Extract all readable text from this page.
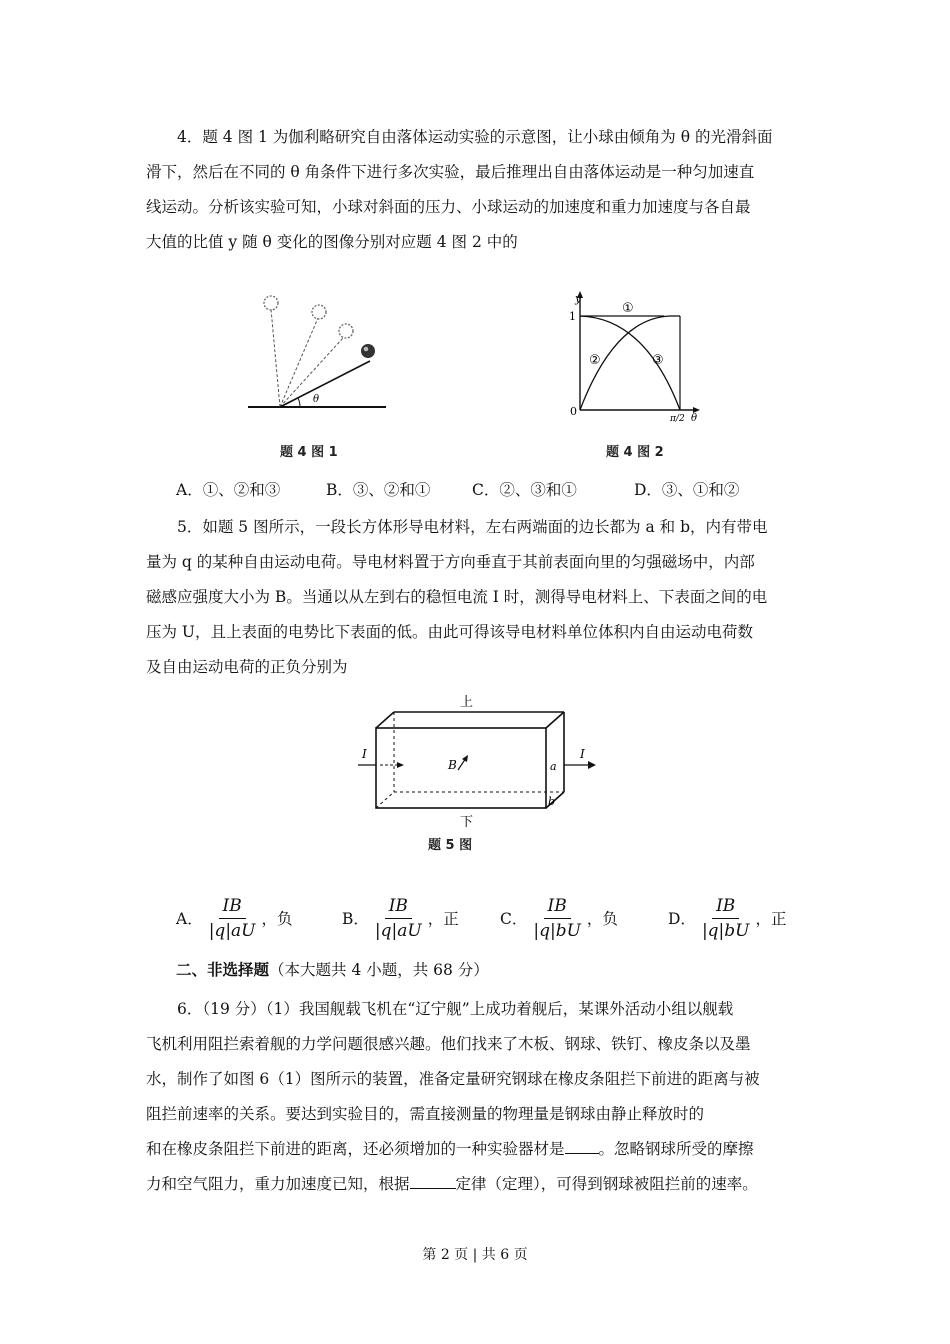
4．题 4 图 1 为伽利略研究自由落体运动实验的示意图，让小球由倾角为 θ 的光滑斜面

滑下，然后在不同的 θ 角条件下进行多次实验，最后推理出自由落体运动是一种匀加速直

线运动。分析该实验可知，小球对斜面的压力、小球运动的加速度和重力加速度与各自最

大值的比值 y 随 θ 变化的图像分别对应题 4 图 2 中的

θ
题 4 图 1
y
1
0
π/2 θ
①
②	③
题 4 图 2
A．①、②和③	B．③、②和①	C．②、③和①	D．③、①和②

5．如题 5 图所示，一段长方体形导电材料，左右两端面的边长都为 a 和 b，内有带电

量为 q 的某种自由运动电荷。导电材料置于方向垂直于其前表面向里的匀强磁场中，内部

磁感应强度大小为 B。当通以从左到右的稳恒电流 I 时，测得导电材料上、下表面之间的电

压为 U，且上表面的电势比下表面的低。由此可得该导电材料单位体积内自由运动电荷数

及自由运动电荷的正负分别为

上
下
I	I
B	a
b
题 5 图
A． $\frac{IB}{|q|aU}$ ，负	B． $\frac{IB}{|q|aU}$ ，正	C． $\frac{IB}{|q|bU}$ ，负	D． $\frac{IB}{|q|bU}$ ，正
二、非选择题（本大题共 4 小题，共 68 分）

6．（19 分）（1）我国舰载飞机在“辽宁舰”上成功着舰后，某课外活动小组以舰载

飞机利用阻拦索着舰的力学问题很感兴趣。他们找来了木板、钢球、铁钉、橡皮条以及墨

水，制作了如图 6（1）图所示的装置，准备定量研究钢球在橡皮条阻拦下前进的距离与被

阻拦前速率的关系。要达到实验目的，需直接测量的物理量是钢球由静止释放时的

和在橡皮条阻拦下前进的距离，还必须增加的一种实验器材是 。忽略钢球所受的摩擦

力和空气阻力，重力加速度已知，根据	定律（定理），可得到钢球被阻拦前的速率。

第 2 页 | 共 6 页
